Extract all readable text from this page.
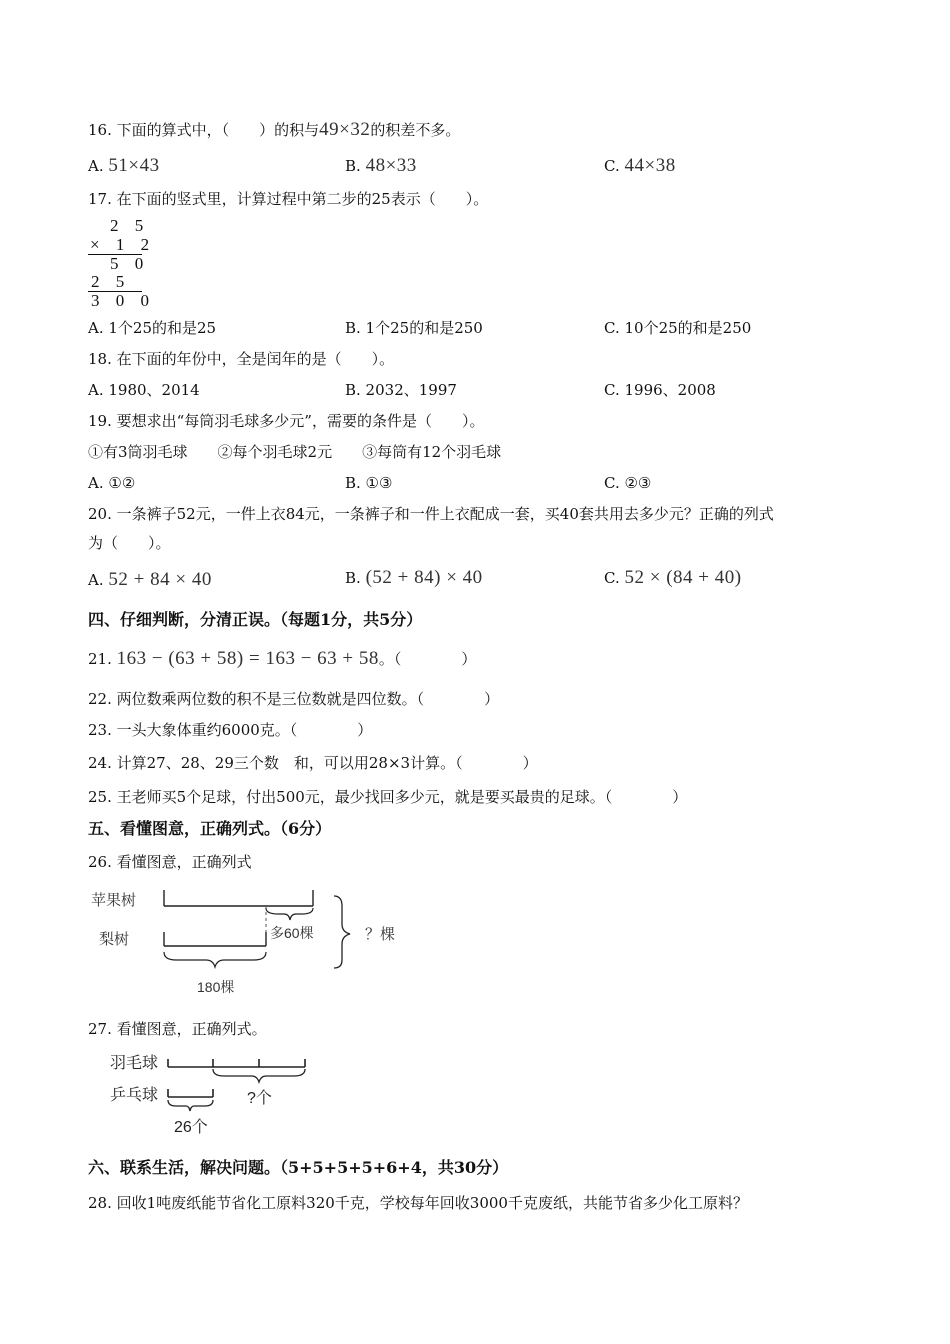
16. 下面的算式中，（　　）的积与49×32的积差不多。
A. 51×43	B. 48×33	C. 44×38
17. 在下面的竖式里，计算过程中第二步的25表示（　　）。
2 5
× 1 2
5 0
2 5
3 0 0
A. 1个25的和是25	B. 1个25的和是250	C. 10个25的和是250
18. 在下面的年份中，全是闰年的是（　　）。
A. 1980、2014	B. 2032、1997	C. 1996、2008
19. 要想求出“每筒羽毛球多少元”，需要的条件是（　　）。
①有3筒羽毛球　　②每个羽毛球2元　　③每筒有12个羽毛球
A. ①②	B. ①③	C. ②③
20. 一条裤子52元，一件上衣84元，一条裤子和一件上衣配成一套，买40套共用去多少元？正确的列式
为（　　）。
A. 52 + 84 × 40	B. (52 + 84) × 40	C. 52 × (84 + 40)
四、仔细判断，分清正误。（每题1分，共5分）
21. 163 − (63 + 58) = 163 − 63 + 58。（　　　　）
22. 两位数乘两位数的积不是三位数就是四位数。（　　　　）
23. 一头大象体重约6000克。（　　　　）
24. 计算27、28、29三个数　和，可以用28×3计算。（　　　　）
25. 王老师买5个足球，付出500元，最少找回多少元，就是要买最贵的足球。（　　　　）
五、看懂图意，正确列式。（6分）
26. 看懂图意，正确列式
苹果树
梨树	多60棵	？棵
180棵
27. 看懂图意，正确列式。
羽毛球
乒乓球	?个
26个
六、联系生活，解决问题。（5+5+5+5+6+4，共30分）
28. 回收1吨废纸能节省化工原料320千克，学校每年回收3000千克废纸，共能节省多少化工原料？
